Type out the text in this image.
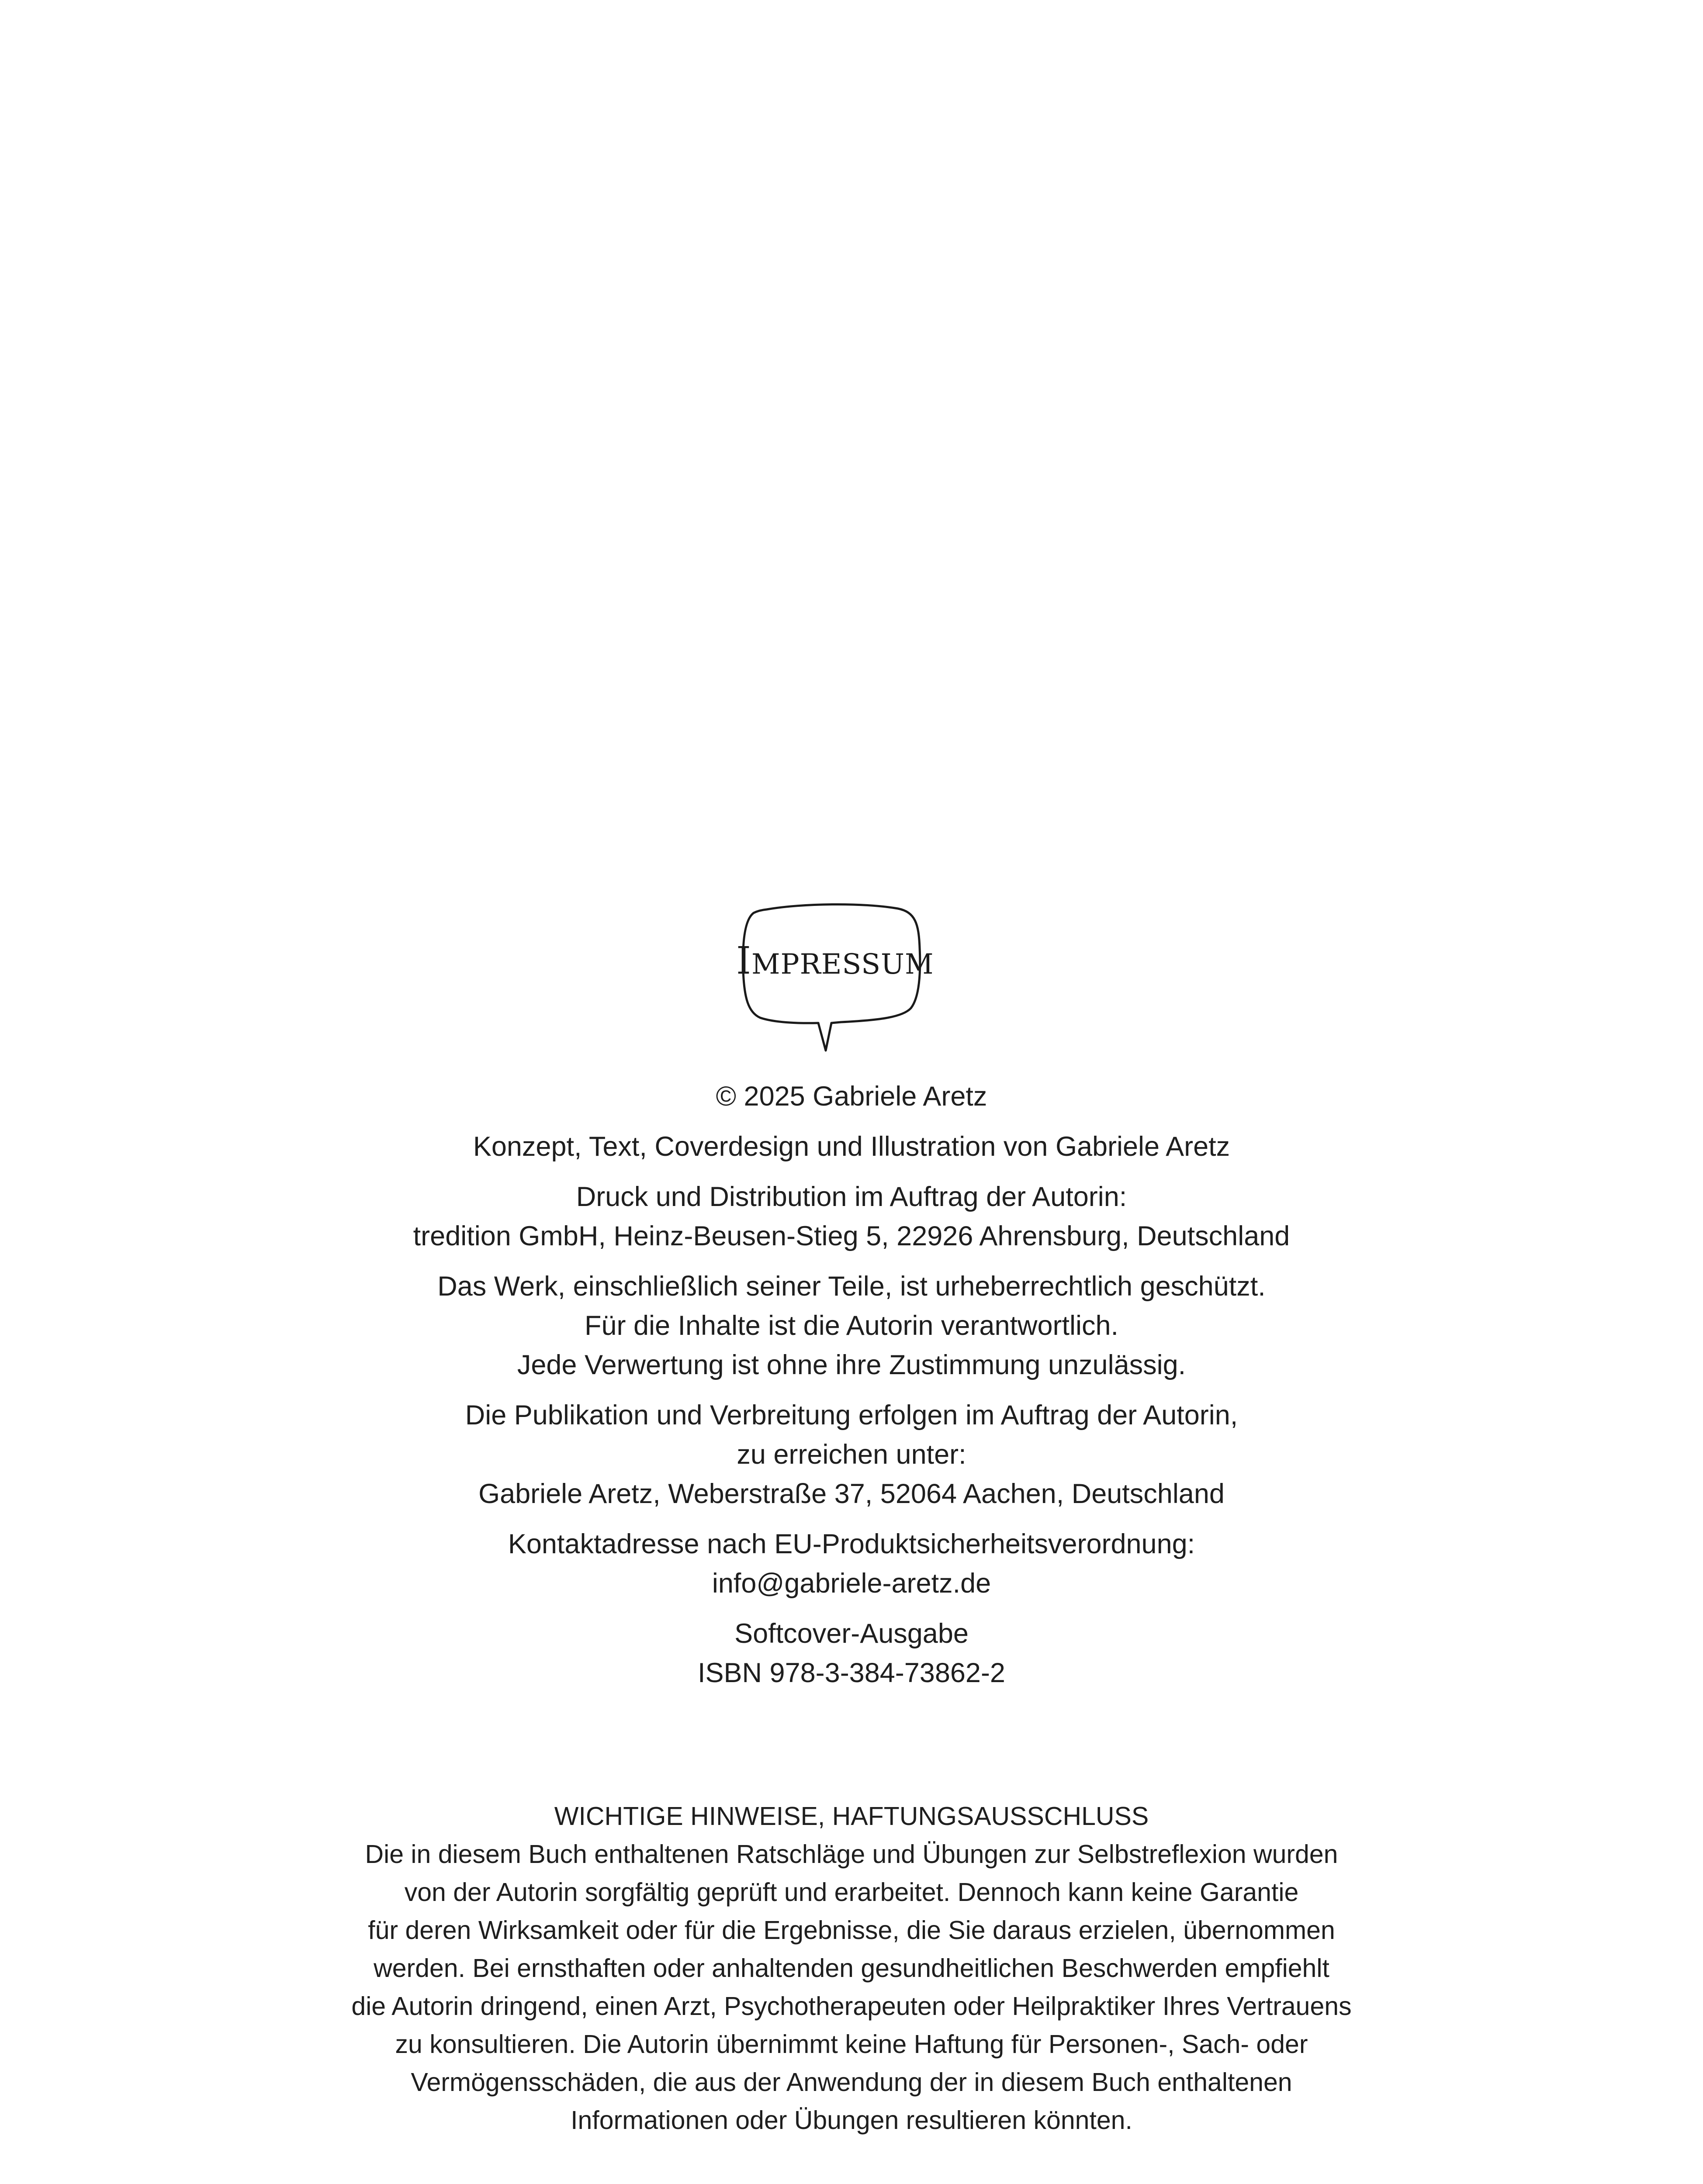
IMPRESSUM
© 2025 Gabriele Aretz
Konzept, Text, Coverdesign und Illustration von Gabriele Aretz
Druck und Distribution im Auftrag der Autorin:
tredition GmbH, Heinz-Beusen-Stieg 5, 22926 Ahrensburg, Deutschland
Das Werk, einschließlich seiner Teile, ist urheberrechtlich geschützt.
Für die Inhalte ist die Autorin verantwortlich.
Jede Verwertung ist ohne ihre Zustimmung unzulässig.
Die Publikation und Verbreitung erfolgen im Auftrag der Autorin,
zu erreichen unter:
Gabriele Aretz, Weberstraße 37, 52064 Aachen, Deutschland
Kontaktadresse nach EU-Produktsicherheitsverordnung:
info@gabriele-aretz.de
Softcover-Ausgabe
ISBN 978-3-384-73862-2
WICHTIGE HINWEISE, HAFTUNGSAUSSCHLUSS
Die in diesem Buch enthaltenen Ratschläge und Übungen zur Selbstreflexion wurden
von der Autorin sorgfältig geprüft und erarbeitet. Dennoch kann keine Garantie
für deren Wirksamkeit oder für die Ergebnisse, die Sie daraus erzielen, übernommen
werden. Bei ernsthaften oder anhaltenden gesundheitlichen Beschwerden empfiehlt
die Autorin dringend, einen Arzt, Psychotherapeuten oder Heilpraktiker Ihres Vertrauens
zu konsultieren. Die Autorin übernimmt keine Haftung für Personen-, Sach- oder
Vermögensschäden, die aus der Anwendung der in diesem Buch enthaltenen
Informationen oder Übungen resultieren könnten.
